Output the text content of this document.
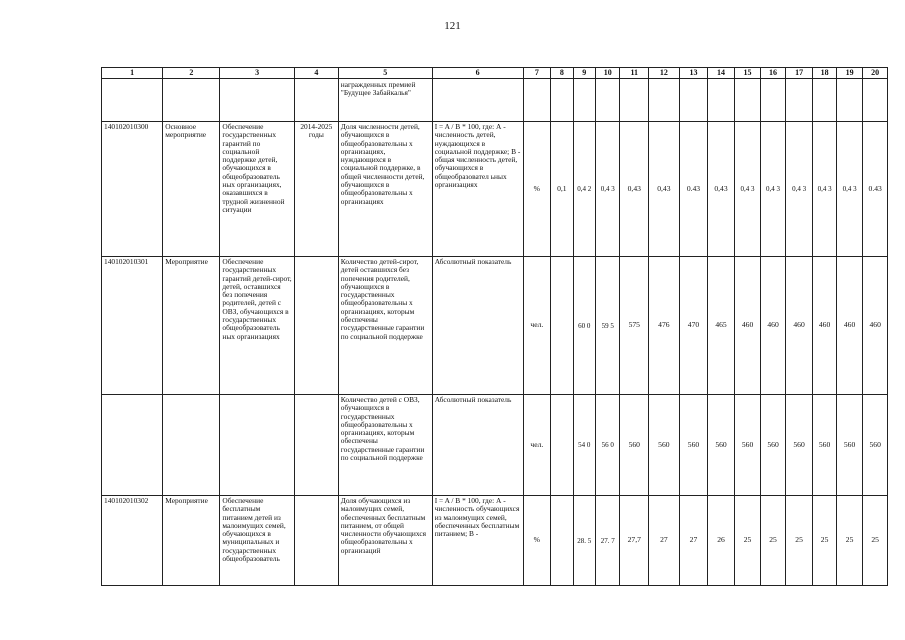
121
1	2	3	4	5	6	7	8	9	10	11	12	13	14	15	16	17	18	19	20
				награжденных премией "Будущее Забайкалья"															
140102010300	Основное мероприятие	Обеспечение государственных гарантий по социальной поддержке детей, обучающихся в общеобразователь ных организациях, оказавшихся в трудной жизненной ситуации	2014-2025 годы	Доля численности детей, обучающихся в общеобразовательны х организациях, нуждающихся в социальной поддержке, в общей численности детей, обучающихся в общеобразовательны х организациях	I = A / B * 100, где: А - численность детей, нуждающихся в социальной поддержке; В - общая численность детей, обучающихся в общеобразовател ьных организациях	%	0,1	0,4 2	0,4 3	0,43	0,43	0.43	0,43	0,4 3	0,4 3	0,4 3	0,4 3	0,4 3	0.43
140102010301	Мероприятие	Обеспечение государственных гарантий детей-сирот, детей, оставшихся без попечения родителей, детей с ОВЗ, обучающихся в государственных общеобразователь ных организациях		Количество детей-сирот, детей оставшихся без попечения родителей, обучающихся в государственных общеобразовательны х организациях, которым обеспечены государственные гарантии по социальной поддержке	Абсолютный показатель	чел.		60 0	59 5	575	476	470	465	460	460	460	460	460	460
				Количество детей с ОВЗ, обучающихся в государственных общеобразовательны х организациях, которым обеспечены государственные гарантии по социальной поддержке	Абсолютный показатель	чел.		54 0	56 0	560	560	560	560	560	560	560	560	560	560
140102010302	Мероприятие	Обеспечение бесплатным питанием детей из малоимущих семей, обучающихся в муниципальных и государственных общеобразователь		Доля обучающихся из малоимущих семей, обеспеченных бесплатным питанием, от общей численности обучающихся общеобразовательны х организаций	I = A / B * 100, где: А - численность обучающихся из малоимущих семей, обеспеченных бесплатным питанием; В -	%		28. 5	27. 7	27,7	27	27	26	25	25	25	25	25	25
